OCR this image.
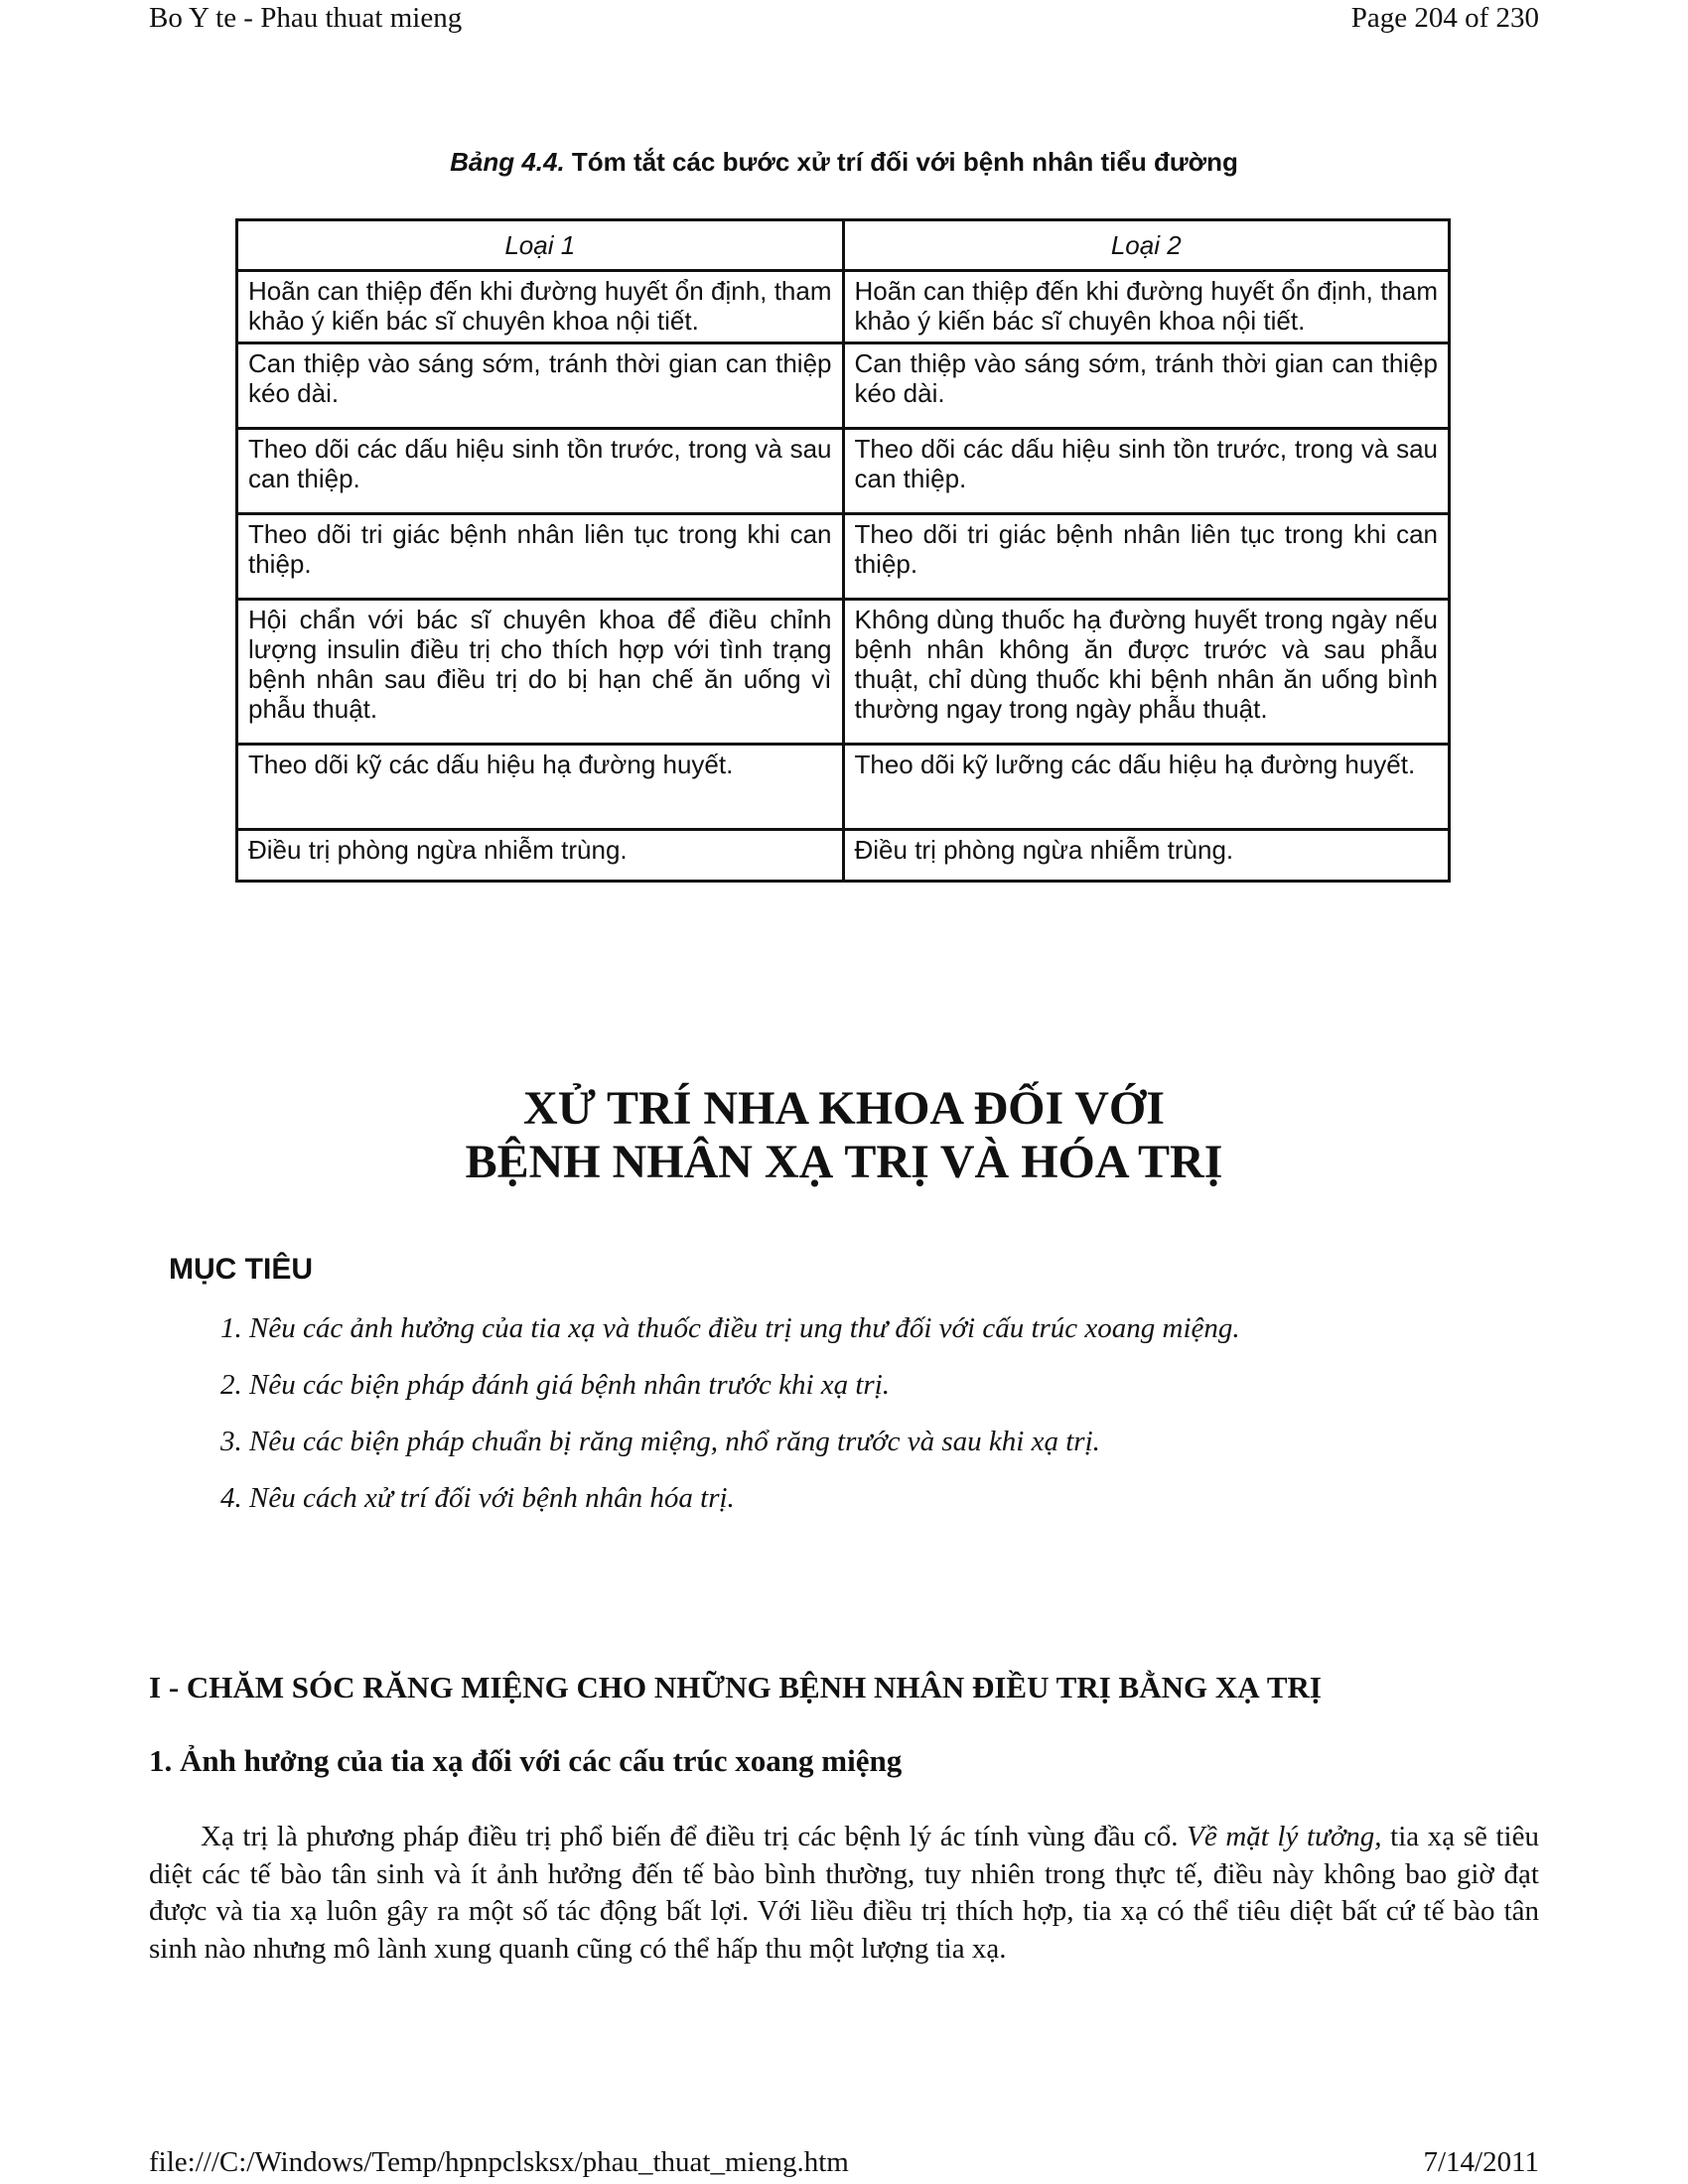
Bo Y te - Phau thuat mieng	Page 204 of 230
Bảng 4.4. Tóm tắt các bước xử trí đối với bệnh nhân tiểu đường
Loại 1	Loại 2
Hoãn can thiệp đến khi đường huyết ổn định, tham khảo ý kiến bác sĩ chuyên khoa nội tiết.	Hoãn can thiệp đến khi đường huyết ổn định, tham khảo ý kiến bác sĩ chuyên khoa nội tiết.
Can thiệp vào sáng sớm, tránh thời gian can thiệp kéo dài.	Can thiệp vào sáng sớm, tránh thời gian can thiệp kéo dài.
Theo dõi các dấu hiệu sinh tồn trước, trong và sau can thiệp.	Theo dõi các dấu hiệu sinh tồn trước, trong và sau can thiệp.
Theo dõi tri giác bệnh nhân liên tục trong khi can thiệp.	Theo dõi tri giác bệnh nhân liên tục trong khi can thiệp.
Hội chẩn với bác sĩ chuyên khoa để điều chỉnh lượng insulin điều trị cho thích hợp với tình trạng bệnh nhân sau điều trị do bị hạn chế ăn uống vì phẫu thuật.	Không dùng thuốc hạ đường huyết trong ngày nếu bệnh nhân không ăn được trước và sau phẫu thuật, chỉ dùng thuốc khi bệnh nhân ăn uống bình thường ngay trong ngày phẫu thuật.
Theo dõi kỹ các dấu hiệu hạ đường huyết.	Theo dõi kỹ lưỡng các dấu hiệu hạ đường huyết.
Điều trị phòng ngừa nhiễm trùng.	Điều trị phòng ngừa nhiễm trùng.
XỬ TRÍ NHA KHOA ĐỐI VỚI
BỆNH NHÂN XẠ TRỊ VÀ HÓA TRỊ
MỤC TIÊU
1. Nêu các ảnh hưởng của tia xạ và thuốc điều trị ung thư đối với cấu trúc xoang miệng.
2. Nêu các biện pháp đánh giá bệnh nhân trước khi xạ trị.
3. Nêu các biện pháp chuẩn bị răng miệng, nhổ răng trước và sau khi xạ trị.
4. Nêu cách xử trí đối với bệnh nhân hóa trị.
I - CHĂM SÓC RĂNG MIỆNG CHO NHỮNG BỆNH NHÂN ĐIỀU TRỊ BẰNG XẠ TRỊ
1. Ảnh hưởng của tia xạ đối với các cấu trúc xoang miệng

Xạ trị là phương pháp điều trị phổ biến để điều trị các bệnh lý ác tính vùng đầu cổ. Về mặt lý tưởng, tia xạ sẽ tiêu diệt các tế bào tân sinh và ít ảnh hưởng đến tế bào bình thường, tuy nhiên trong thực tế, điều này không bao giờ đạt được và tia xạ luôn gây ra một số tác động bất lợi. Với liều điều trị thích hợp, tia xạ có thể tiêu diệt bất cứ tế bào tân sinh nào nhưng mô lành xung quanh cũng có thể hấp thu một lượng tia xạ.

file:///C:/Windows/Temp/hpnpclsksx/phau_thuat_mieng.htm	7/14/2011
